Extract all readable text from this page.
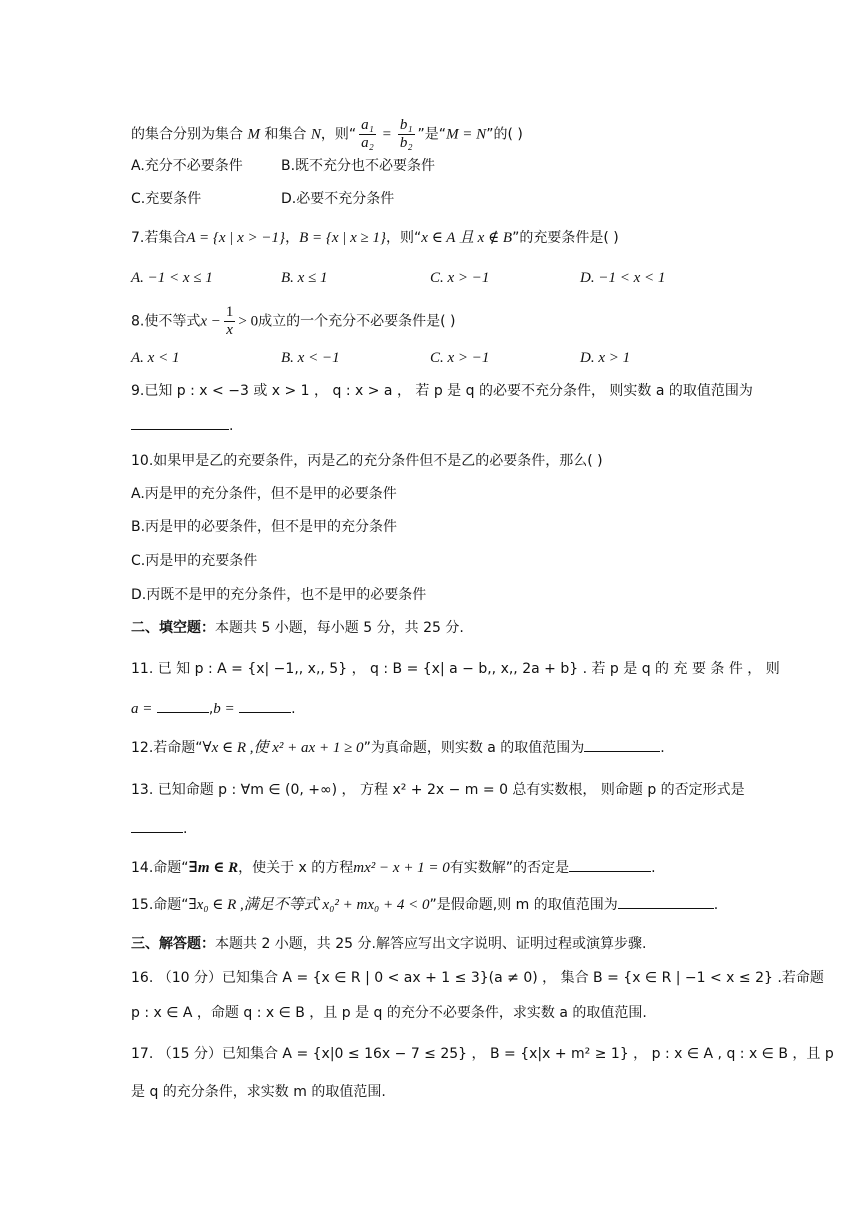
的集合分别为集合 M 和集合 N，则“ $\frac{\text{a₁}}{\text{a₂}} = \frac{\text{b₁}}{\text{b₂}}$ ”是“M = N”的( )
A.充分不必要条件	B.既不充分也不必要条件
C.充要条件	D.必要不充分条件
7.若集合A = {x | x > −1}，B = {x | x ≥ 1}，则“x ∈ A 且 x ∉ B”的充要条件是( )
A. −1 < x ≤ 1	B. x ≤ 1	C. x > −1	D. −1 < x < 1
8.使不等式$x - \frac{1}{x} > 0$成立的一个充分不必要条件是( )
A. x < 1	B. x < −1	C. x > −1	D. x > 1
9.已知 p : x < −3 或 x > 1 ， q : x > a ， 若 p 是 q 的必要不充分条件， 则实数 a 的取值范围为
.
10.如果甲是乙的充要条件，丙是乙的充分条件但不是乙的必要条件，那么( )
A.丙是甲的充分条件，但不是甲的必要条件
B.丙是甲的必要条件，但不是甲的充分条件
C.丙是甲的充要条件
D.丙既不是甲的充分条件，也不是甲的必要条件
二、填空题：本题共 5 小题，每小题 5 分，共 25 分.
11. 已 知 p : A = {x| −1,, x,, 5} ， q : B = {x| a − b,, x,, 2a + b} . 若 p 是 q 的 充 要 条 件 ， 则
a =	,b =	.
12.若命题“∀x ∈ R ,使 x² + ax + 1 ≥ 0”为真命题，则实数 a 的取值范围为	.
13. 已知命题 p : ∀m ∈ (0, +∞) ， 方程 x² + 2x − m = 0 总有实数根， 则命题 p 的否定形式是
.
14.命题“∃m ∈ R，使关于 x 的方程mx² − x + 1 = 0有实数解”的否定是	.
15.命题“∃x₀ ∈ R ,满足不等式 x₀² + mx₀ + 4 < 0”是假命题,则 m 的取值范围为	.
三、解答题：本题共 2 小题，共 25 分.解答应写出文字说明、证明过程或演算步骤.
16. （10 分）已知集合 A = {x ∈ R | 0 < ax + 1 ≤ 3}(a ≠ 0) ， 集合 B = {x ∈ R | −1 < x ≤ 2} .若命题
p : x ∈ A ，命题 q : x ∈ B ，且 p 是 q 的充分不必要条件，求实数 a 的取值范围.
17. （15 分）已知集合 A = {x|0 ≤ 16x − 7 ≤ 25} ， B = {x|x + m² ≥ 1} ， p : x ∈ A , q : x ∈ B ，且 p
是 q 的充分条件，求实数 m 的取值范围.
